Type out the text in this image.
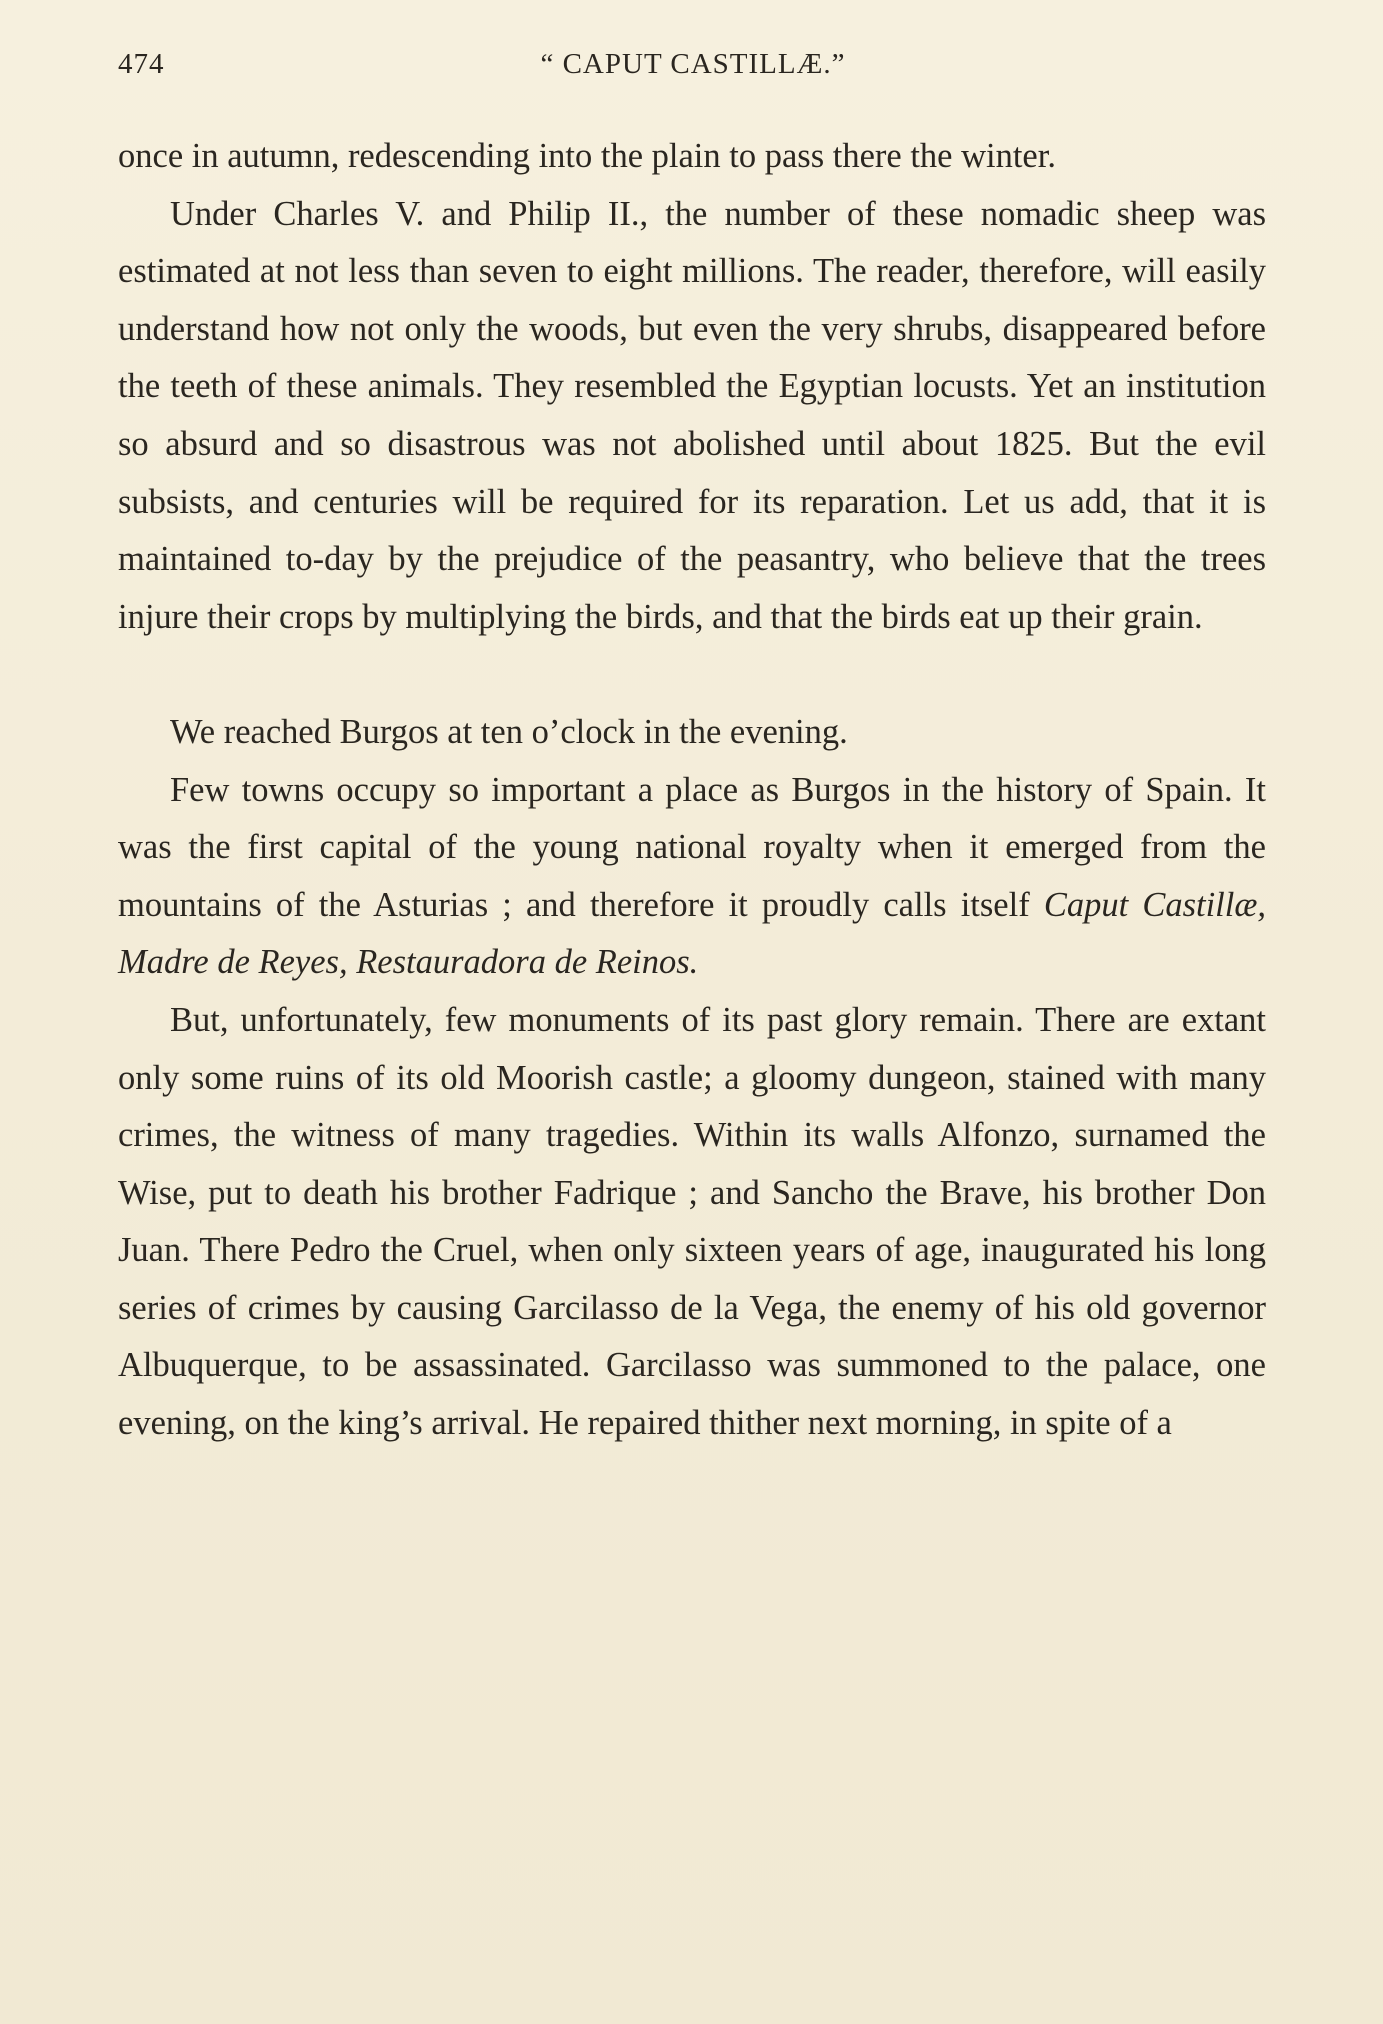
474	“ CAPUT CASTILLÆ.”

once in autumn, redescending into the plain to pass there the winter.

Under Charles V. and Philip II., the number of these nomadic sheep was estimated at not less than seven to eight millions. The reader, therefore, will easily understand how not only the woods, but even the very shrubs, disappeared before the teeth of these animals. They resembled the Egyptian locusts. Yet an institution so absurd and so disastrous was not abolished until about 1825. But the evil subsists, and centuries will be required for its reparation. Let us add, that it is maintained to-day by the prejudice of the peasantry, who believe that the trees injure their crops by multiplying the birds, and that the birds eat up their grain.

We reached Burgos at ten o’clock in the evening.

Few towns occupy so important a place as Burgos in the history of Spain. It was the first capital of the young national royalty when it emerged from the mountains of the Asturias ; and therefore it proudly calls itself Caput Castillæ, Madre de Reyes, Restauradora de Reinos.

But, unfortunately, few monuments of its past glory remain. There are extant only some ruins of its old Moorish castle; a gloomy dungeon, stained with many crimes, the witness of many tragedies. Within its walls Alfonzo, surnamed the Wise, put to death his brother Fadrique ; and Sancho the Brave, his brother Don Juan. There Pedro the Cruel, when only sixteen years of age, inaugurated his long series of crimes by causing Garcilasso de la Vega, the enemy of his old governor Albuquerque, to be assassinated. Garcilasso was summoned to the palace, one evening, on the king’s arrival. He repaired thither next morning, in spite of a
